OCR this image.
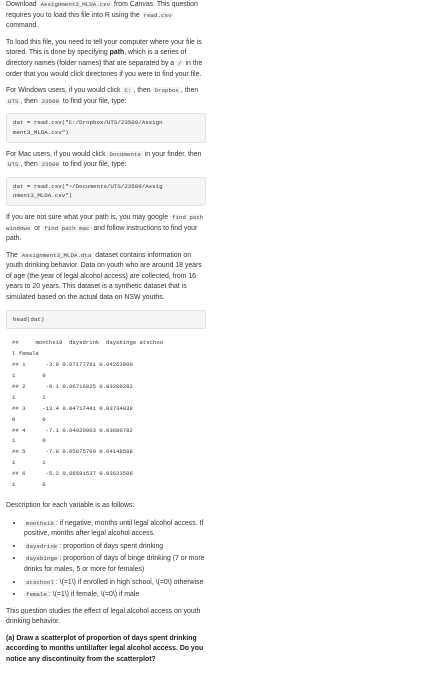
Download Assignment3_MLDA.csv from Canvas. This question requires you to load this file into R using the read.csv command.

To load this file, you need to tell your computer where your file is stored. This is done by specifying path, which is a series of directory names (folder names) that are separated by a / in the order that you would click directories if you were to find your file.

For Windows users, if you would click C: , then Dropbox , then UTS , then 23509 to find your file, type:

dat = read.csv("C:/Dropbox/UTS/23509/Assign
ment3_MLDA.csv")

For Mac users, if you would click Documents in your finder, then UTS , then 23509 to find your file, type:

dat = read.csv("~/Documents/UTS/23509/Assig
nment3_MLDA.csv")

If you are not sure what your path is, you may google find path windows or find path mac and follow instructions to find your path.

The Assignment3_MLDA.dta dataset contains information on youth drinking behavior. Data on youth who are around 18 years of age (the year of legal alcohol access) are collected, from 16 years to 20 years. This dataset is a synthetic dataset that is simulated based on the actual data on NSW youths.

head(dat)
##     months18  daysdrink  daysbinge atschoo
l female
## 1      -3.9 0.07177761 0.04263000
1        0
## 2      -9.1 0.06716825 0.03200282
1        1
## 3     -13.4 0.04717441 0.03734838
0        0
## 4      -7.1 0.04920903 0.03680782
1        0
## 5      -7.8 0.05875700 0.04148598
1        1
## 6      -5.2 0.06591537 0.03633506
1        0

Description for each variable is as follows:

• months18 : if negative, months until legal alcohol access. If positive, months after legal alcohol access.
• daysdrink : proportion of days spent drinking
• daysbinge : proportion of days of binge drinking (7 or more drinks for males, 5 or more for females)
• atschool : \(=1\) if enrolled in high school, \(=0\) otherwise
• female : \(=1\) if female, \(=0\) if male

This question studies the effect of legal alcohol access on youth drinking behavior.

(a) Draw a scatterplot of proportion of days spent drinking according to months until/after legal alcohol access. Do you notice any discontinuity from the scatterplot?
